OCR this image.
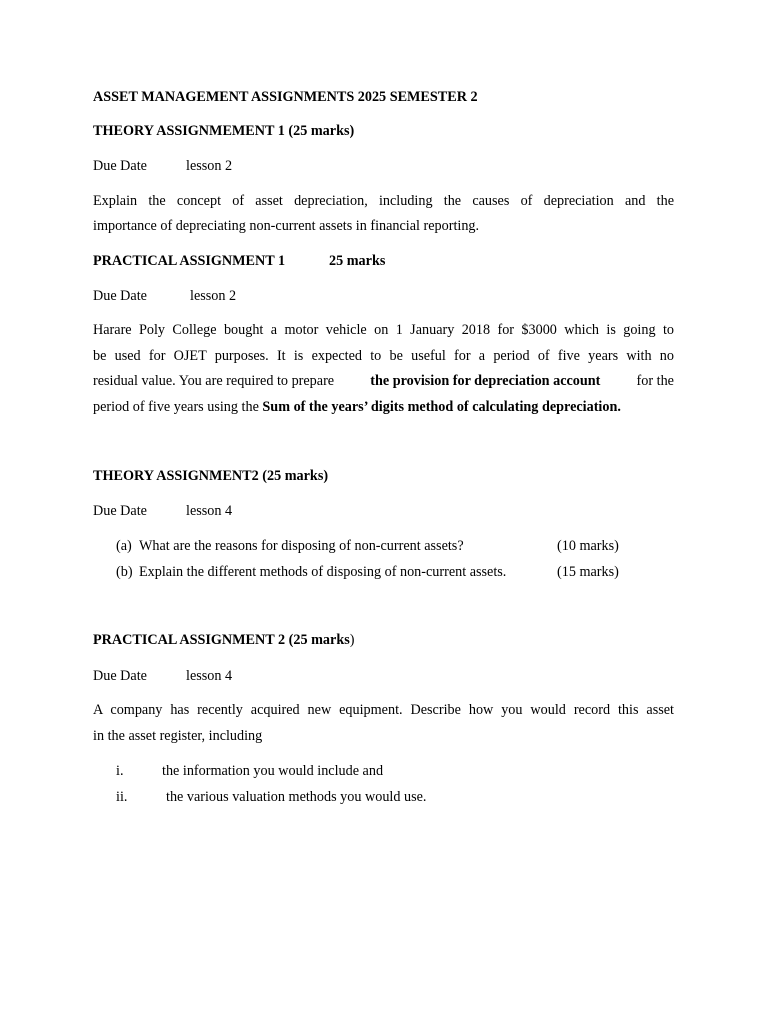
ASSET MANAGEMENT ASSIGNMENTS 2025 SEMESTER 2
THEORY ASSIGNMEMENT 1 (25 marks)
Due Date	lesson 2
Explain the concept of asset depreciation, including the causes of depreciation and the
importance of depreciating non-current assets in financial reporting.
PRACTICAL ASSIGNMENT 1	25 marks
Due Date	lesson 2
Harare Poly College bought a motor vehicle on 1 January 2018 for $3000 which is going to
be used for OJET purposes. It is expected to be useful for a period of five years with no
residual value. You are required to prepare	the provision for depreciation account	for the
period of five years using the Sum of the years’ digits method of calculating depreciation.
THEORY ASSIGNMENT2 (25 marks)
Due Date	lesson 4
(a) What are the reasons for disposing of non-current assets?	(10 marks)
(b) Explain the different methods of disposing of non-current assets.	(15 marks)
PRACTICAL ASSIGNMENT 2 (25 marks)
Due Date	lesson 4
A company has recently acquired new equipment. Describe how you would record this asset
in the asset register, including
i.	the information you would include and
ii.	the various valuation methods you would use.
